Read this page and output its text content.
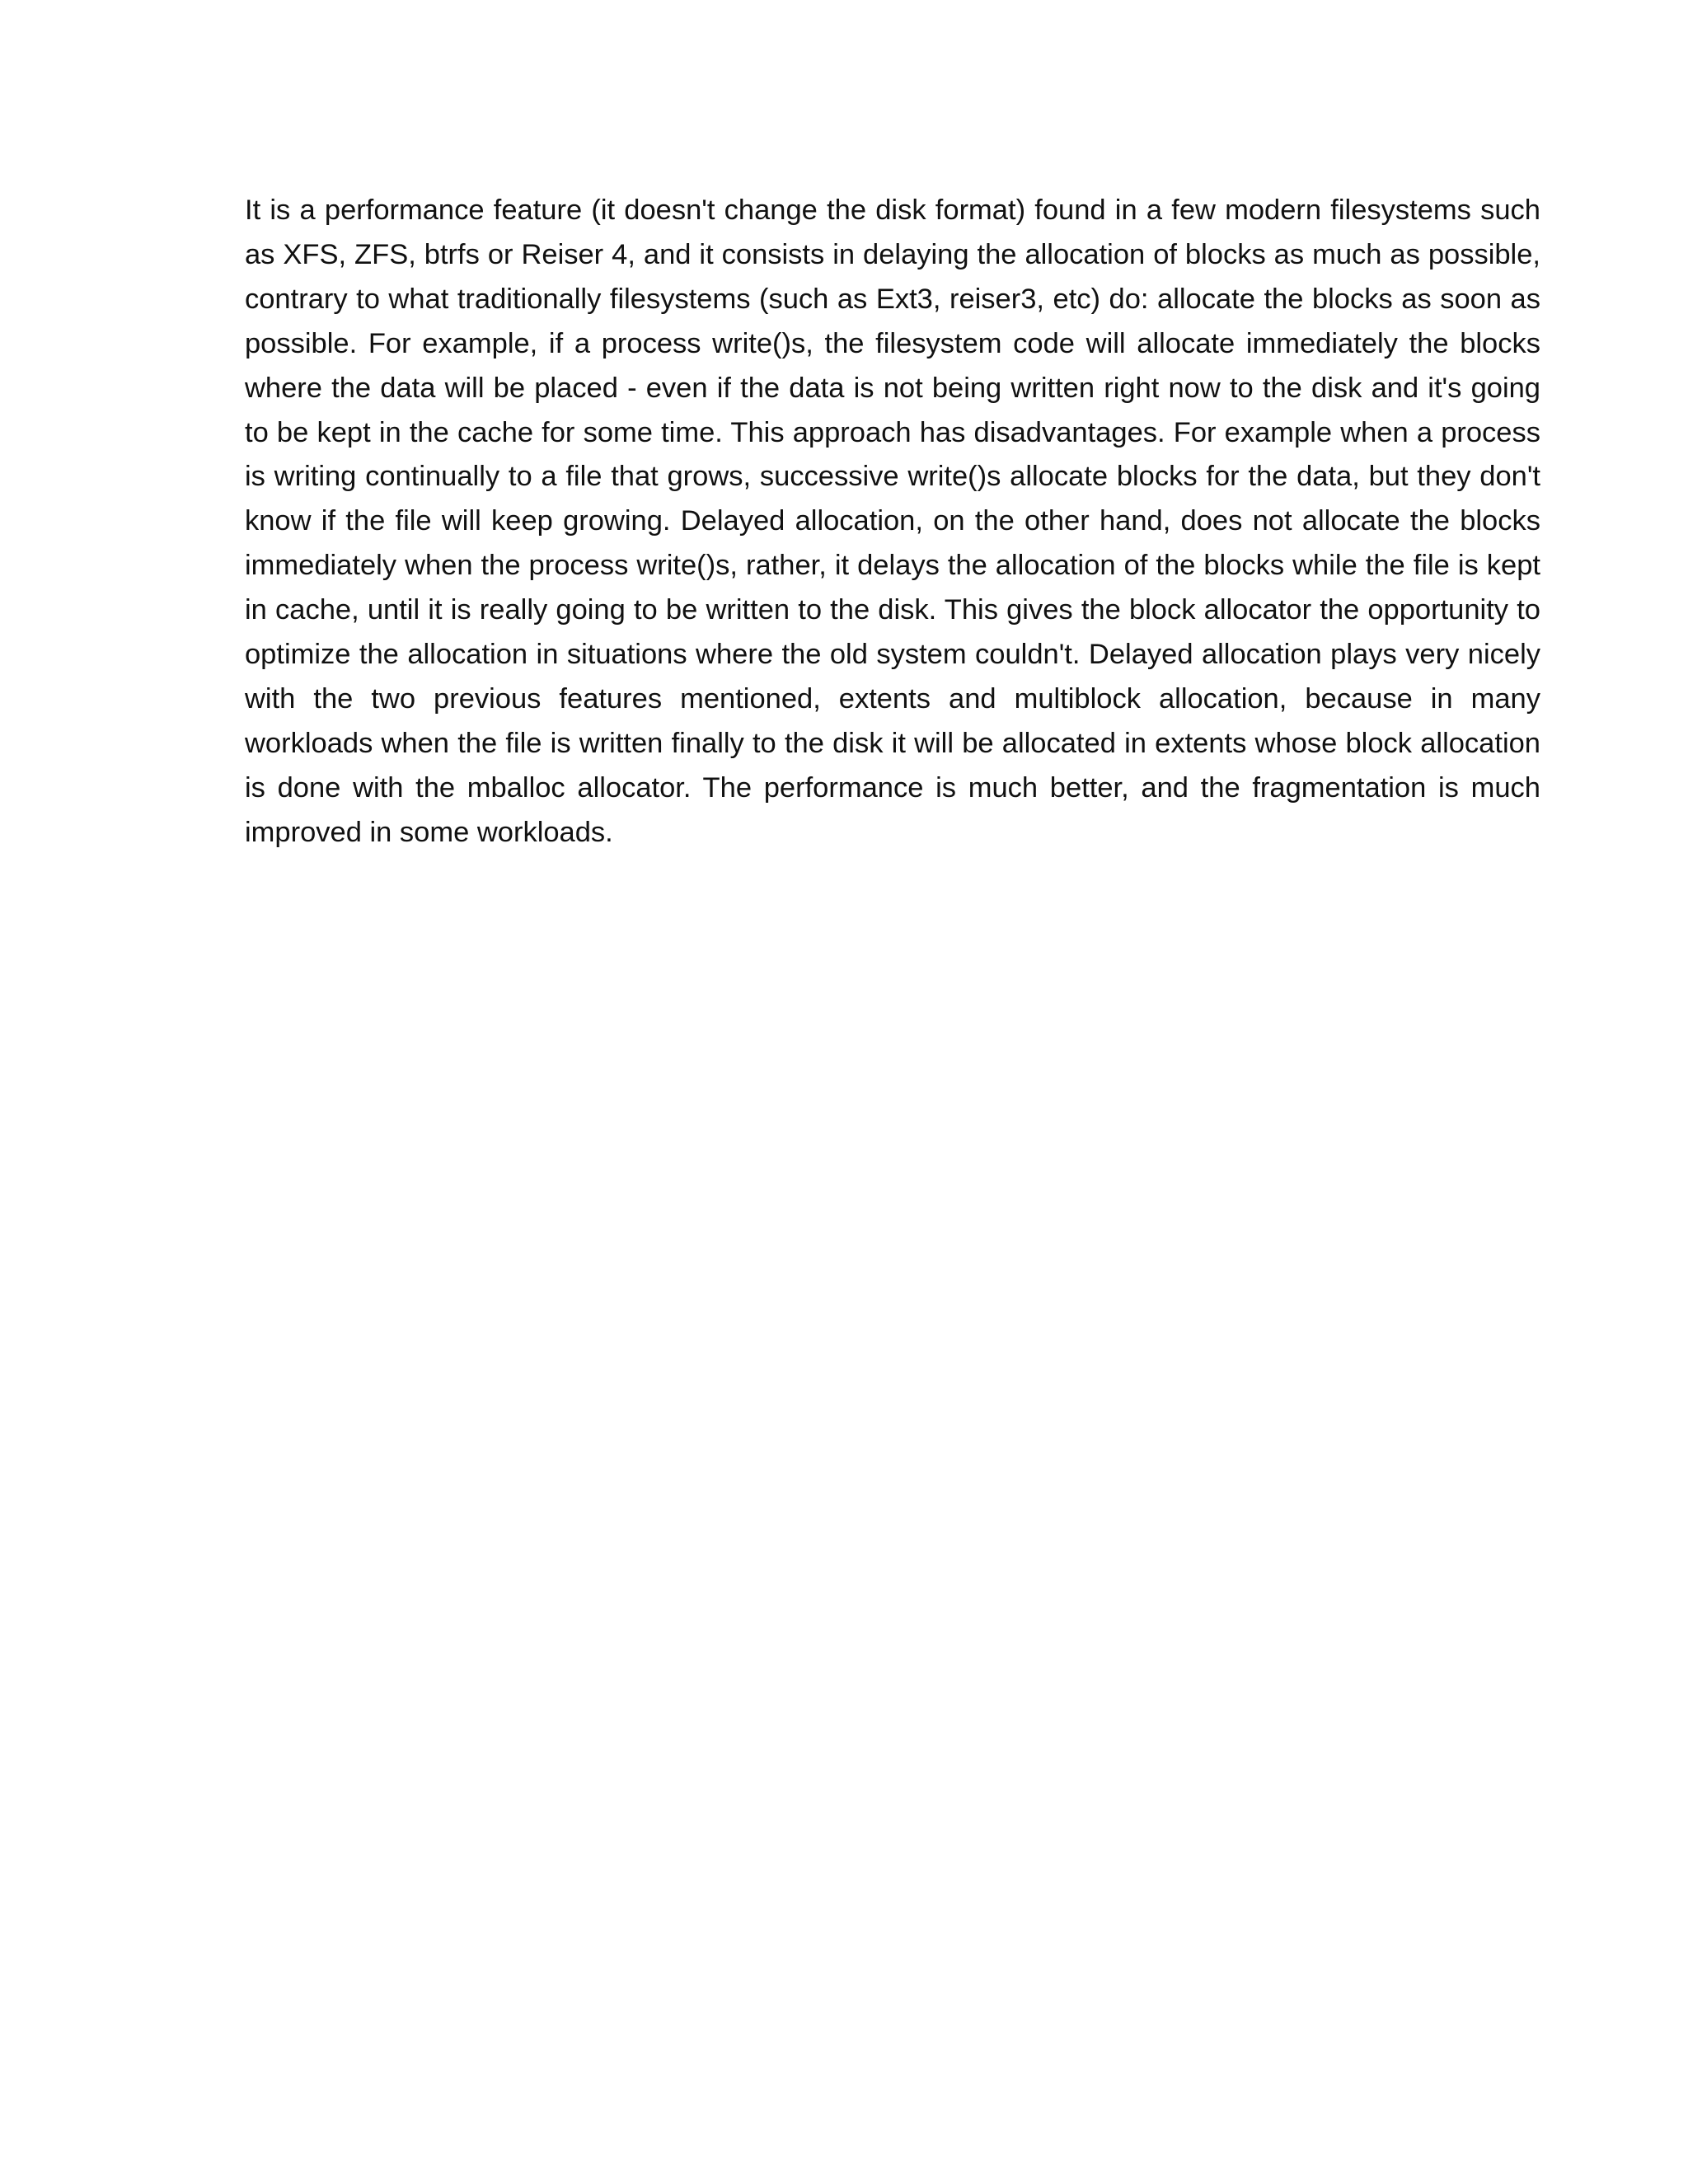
It is a performance feature (it doesn't change the disk format) found in a few modern filesystems such as XFS, ZFS, btrfs or Reiser 4, and it consists in delaying the allocation of blocks as much as possible, contrary to what traditionally filesystems (such as Ext3, reiser3, etc) do: allocate the blocks as soon as possible. For example, if a process write()s, the filesystem code will allocate immediately the blocks where the data will be placed - even if the data is not being written right now to the disk and it's going to be kept in the cache for some time. This approach has disadvantages. For example when a process is writing continually to a file that grows, successive write()s allocate blocks for the data, but they don't know if the file will keep growing. Delayed allocation, on the other hand, does not allocate the blocks immediately when the process write()s, rather, it delays the allocation of the blocks while the file is kept in cache, until it is really going to be written to the disk. This gives the block allocator the opportunity to optimize the allocation in situations where the old system couldn't. Delayed allocation plays very nicely with the two previous features mentioned, extents and multiblock allocation, because in many workloads when the file is written finally to the disk it will be allocated in extents whose block allocation is done with the mballoc allocator. The performance is much better, and the fragmentation is much improved in some workloads.
